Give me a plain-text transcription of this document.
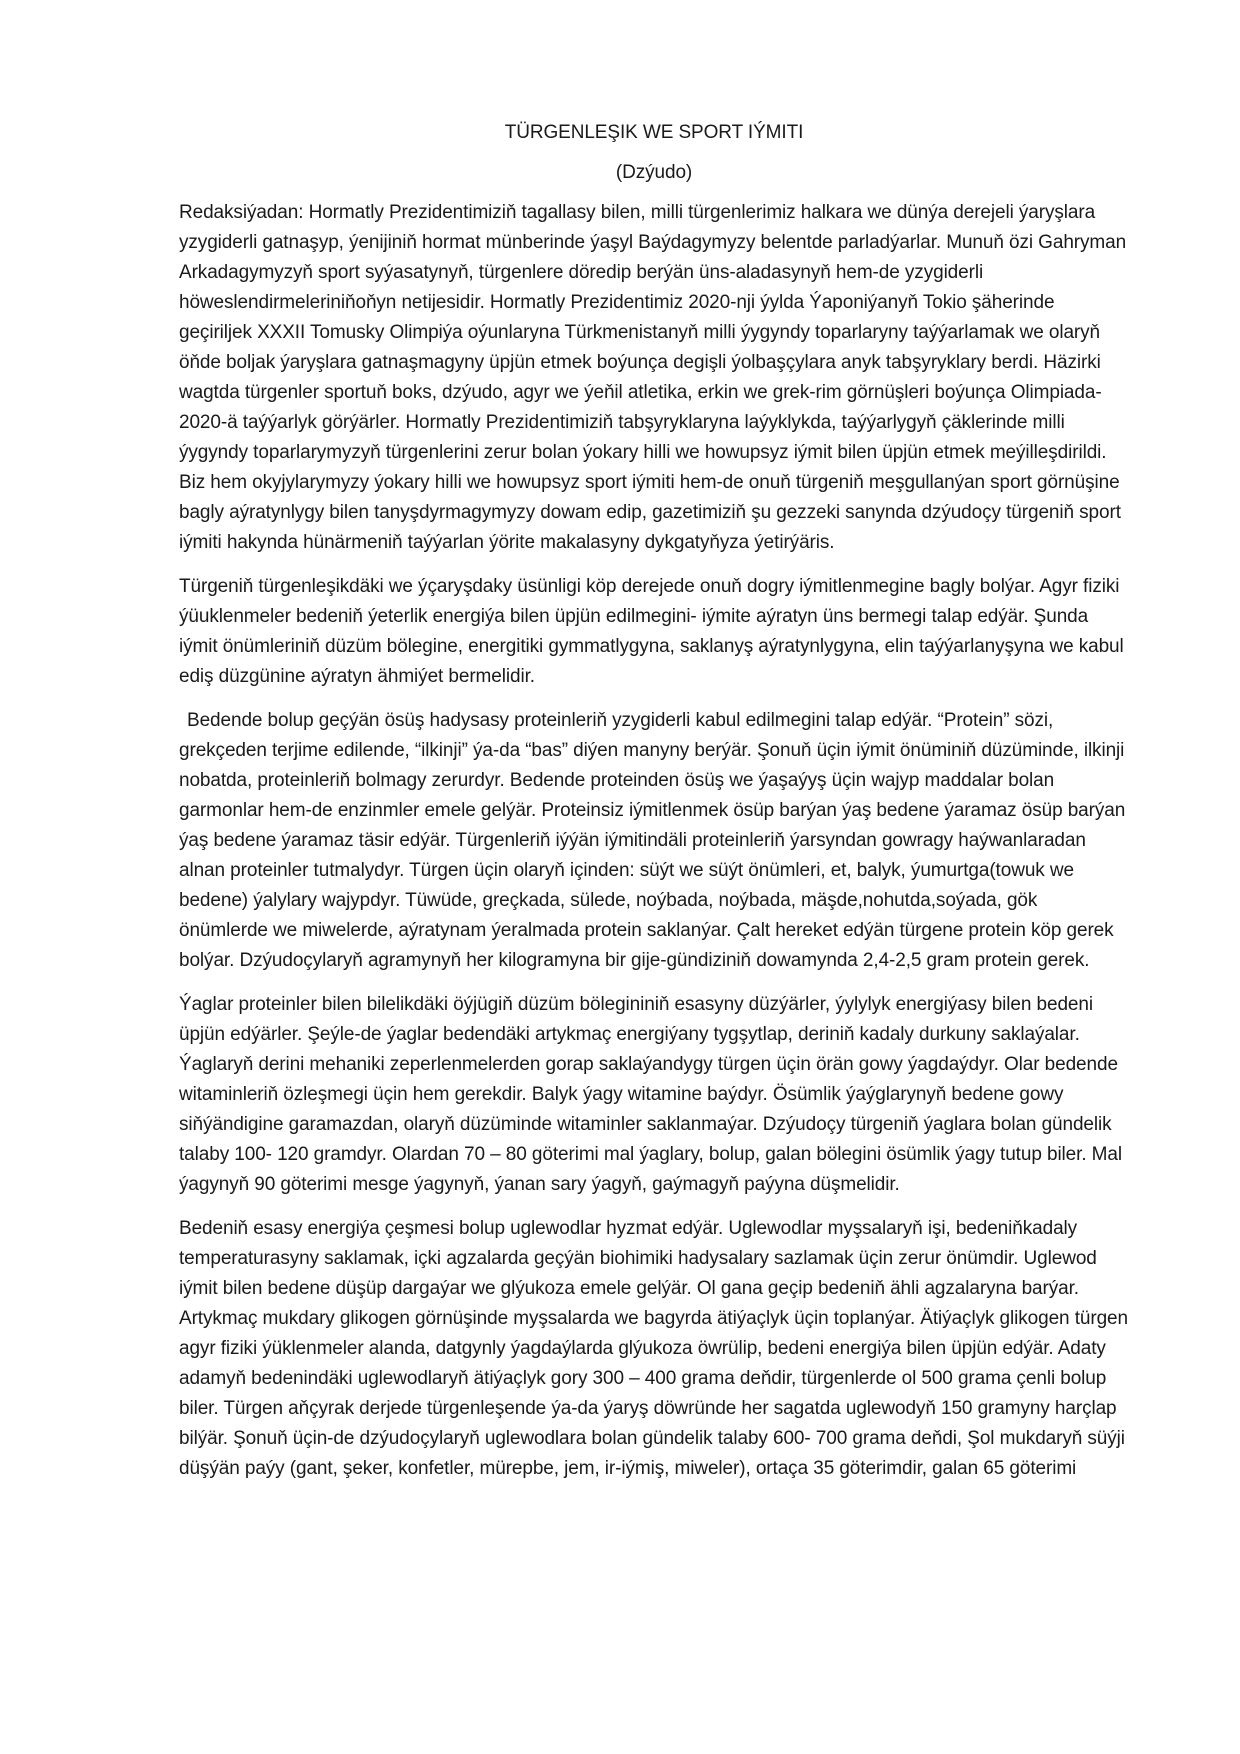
TÜRGENLEŞIK WE SPORT IÝMITI

(Dzýudo)

Redaksiýadan: Hormatly Prezidentimiziň tagallasy bilen, milli türgenlerimiz halkara we dünýa derejeli ýaryşlara yzygiderli gatnaşyp, ýenijiniň hormat münberinde ýaşyl Baýdagymyzy belentde parladýarlar. Munuň özi Gahryman Arkadagymyzyň sport syýasatynyň, türgenlere döredip berýän üns-aladasynyň hem-de yzygiderli höweslendirmeleriniňoňyn netijesidir. Hormatly Prezidentimiz 2020-nji ýylda Ýaponiýanyň Tokio şäherinde geçiriljek XXXII Tomusky Olimpiýa oýunlaryna Türkmenistanyň milli ýygyndy toparlaryny taýýarlamak we olaryň öňde boljak ýaryşlara gatnaşmagyny üpjün etmek boýunça degişli ýolbaşçylara anyk tabşyryklary berdi. Häzirki wagtda türgenler sportuň boks, dzýudo, agyr we ýeňil atletika, erkin we grek-rim görnüşleri boýunça Olimpiada- 2020-ä taýýarlyk görýärler. Hormatly Prezidentimiziň tabşyryklaryna laýyklykda, taýýarlygyň çäklerinde milli ýygyndy toparlarymyzyň türgenlerini zerur bolan ýokary hilli we howupsyz iýmit bilen üpjün etmek meýilleşdirildi. Biz hem okyjylarymyzy ýokary hilli we howupsyz sport iýmiti hem-de onuň türgeniň meşgullanýan sport görnüşine bagly aýratynlygy bilen tanyşdyrmagymyzy dowam edip, gazetimiziň şu gezzeki sanynda dzýudoçy türgeniň sport iýmiti hakynda hünärmeniň taýýarlan ýörite makalasyny dykgatyňyza ýetirýäris.

Türgeniň türgenleşikdäki we ýçaryşdaky üsünligi köp derejede onuň dogry iýmitlenmegine bagly bolýar. Agyr fiziki ýüuklenmeler bedeniň ýeterlik energiýa bilen üpjün edilmegini- iýmite aýratyn üns bermegi talap edýär. Şunda iýmit önümleriniň düzüm bölegine, energitiki gymmatlygyna, saklanyş aýratynlygyna, elin taýýarlanyşyna we kabul ediş düzgünine aýratyn ähmiýet bermelidir.

Bedende bolup geçýän ösüş hadysasy proteinleriň yzygiderli kabul edilmegini talap edýär. “Protein” sözi, grekçeden terjime edilende, “ilkinji” ýa-da “bas” diýen manyny berýär. Şonuň üçin iýmit önüminiň düzüminde, ilkinji nobatda, proteinleriň bolmagy zerurdyr. Bedende proteinden ösüş we ýaşaýyş üçin wajyp maddalar bolan garmonlar hem-de enzinmler emele gelýär. Proteinsiz iýmitlenmek ösüp barýan ýaş bedene ýaramaz ösüp barýan ýaş bedene ýaramaz täsir edýär. Türgenleriň iýýän iýmitindäli proteinleriň ýarsyndan gowragy haýwanlaradan alnan proteinler tutmalydyr. Türgen üçin olaryň içinden: süýt we süýt önümleri, et, balyk, ýumurtga(towuk we bedene) ýalylary wajypdyr. Tüwüde, greçkada, sülede, noýbada, noýbada, mäşde,nohutda,soýada, gök önümlerde we miwelerde, aýratynam ýeralmada protein saklanýar. Çalt hereket edýän türgene protein köp gerek bolýar. Dzýudoçylaryň agramynyň her kilogramyna bir gije-gündiziniň dowamynda 2,4-2,5 gram protein gerek.

Ýaglar proteinler bilen bilelikdäki öýjügiň düzüm bölegininiň esasyny düzýärler, ýylylyk energiýasy bilen bedeni üpjün edýärler. Şeýle-de ýaglar bedendäki artykmaç energiýany tygşytlap, deriniň kadaly durkuny saklaýalar. Ýaglaryň derini mehaniki zeperlenmelerden gorap saklaýandygy türgen üçin örän gowy ýagdaýdyr. Olar bedende witaminleriň özleşmegi üçin hem gerekdir. Balyk ýagy witamine baýdyr. Ösümlik ýaýglarynyň bedene gowy siňýändigine garamazdan, olaryň düzüminde witaminler saklanmaýar. Dzýudoçy türgeniň ýaglara bolan gündelik talaby 100- 120 gramdyr. Olardan 70 – 80 göterimi mal ýaglary, bolup, galan bölegini ösümlik ýagy tutup biler. Mal ýagynyň 90 göterimi mesge ýagynyň, ýanan sary ýagyň, gaýmagyň paýyna düşmelidir.

Bedeniň esasy energiýa çeşmesi bolup uglewodlar hyzmat edýär. Uglewodlar myşsalaryň işi, bedeniňkadaly temperaturasyny saklamak, içki agzalarda geçýän biohimiki hadysalary sazlamak üçin zerur önümdir. Uglewod iýmit bilen bedene düşüp dargaýar we glýukoza emele gelýär. Ol gana geçip bedeniň ähli agzalaryna barýar. Artykmaç mukdary glikogen görnüşinde myşsalarda we bagyrda ätiýaçlyk üçin toplanýar. Ätiýaçlyk glikogen türgen agyr fiziki ýüklenmeler alanda, datgynly ýagdaýlarda glýukoza öwrülip, bedeni energiýa bilen üpjün edýär. Adaty adamyň bedenindäki uglewodlaryň ätiýaçlyk gory 300 – 400 grama deňdir, türgenlerde ol 500 grama çenli bolup biler. Türgen aňçyrak derjede türgenleşende ýa-da ýaryş döwründe her sagatda uglewodyň 150 gramyny harçlap bilýär. Şonuň üçin-de dzýudoçylaryň uglewodlara bolan gündelik talaby 600- 700 grama deňdi, Şol mukdaryň süýji düşýän paýy (gant, şeker, konfetler, mürepbe, jem, ir-iýmiş, miweler), ortaça 35 göterimdir, galan 65 göterimi
